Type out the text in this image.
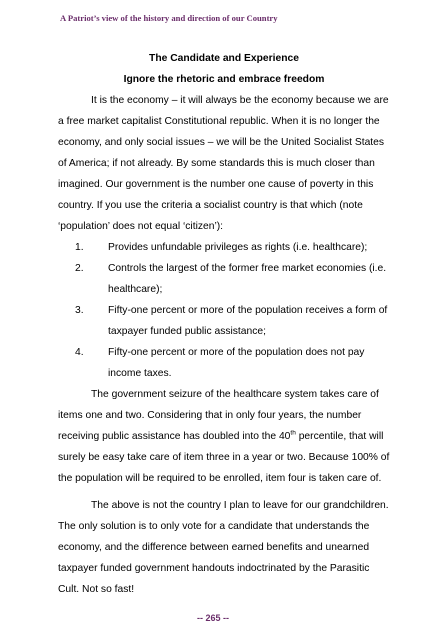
A Patriot’s view of the history and direction of our Country
The Candidate and Experience
Ignore the rhetoric and embrace freedom

It is the economy – it will always be the economy because we are a free market capitalist Constitutional republic. When it is no longer the economy, and only social issues – we will be the United Socialist States of America; if not already. By some standards this is much closer than imagined. Our government is the number one cause of poverty in this country. If you use the criteria a socialist country is that which (note ‘population’ does not equal ‘citizen’):

1. Provides unfundable privileges as rights (i.e. healthcare);
2. Controls the largest of the former free market economies (i.e. healthcare);
3. Fifty-one percent or more of the population receives a form of taxpayer funded public assistance;
4. Fifty-one percent or more of the population does not pay income taxes.

The government seizure of the healthcare system takes care of items one and two. Considering that in only four years, the number receiving public assistance has doubled into the 40th percentile, that will surely be easy take care of item three in a year or two. Because 100% of the population will be required to be enrolled, item four is taken care of.

The above is not the country I plan to leave for our grandchildren. The only solution is to only vote for a candidate that understands the economy, and the difference between earned benefits and unearned taxpayer funded government handouts indoctrinated by the Parasitic Cult. Not so fast!

-- 265 --
